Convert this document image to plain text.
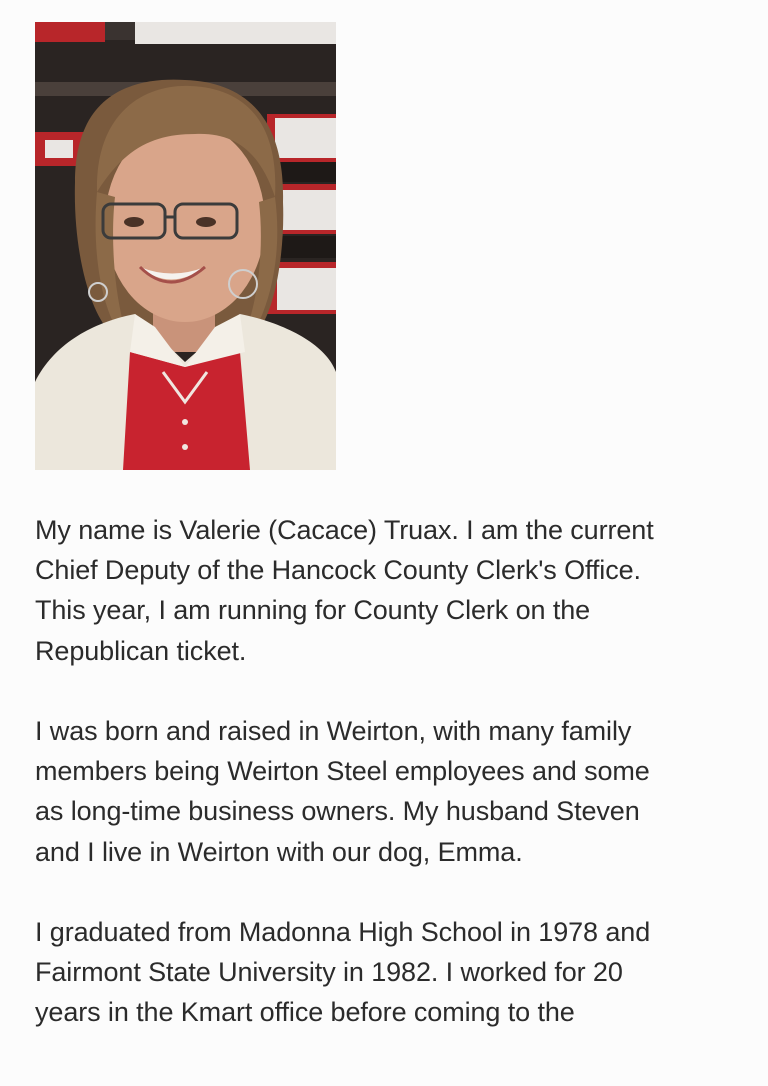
My name is Valerie (Cacace) Truax. I am the current
Chief Deputy of the Hancock County Clerk's Office.
This year, I am running for County Clerk on the
Republican ticket.

I was born and raised in Weirton, with many family
members being Weirton Steel employees and some
as long-time business owners. My husband Steven
and I live in Weirton with our dog, Emma.

I graduated from Madonna High School in 1978 and
Fairmont State University in 1982. I worked for 20
years in the Kmart office before coming to the
